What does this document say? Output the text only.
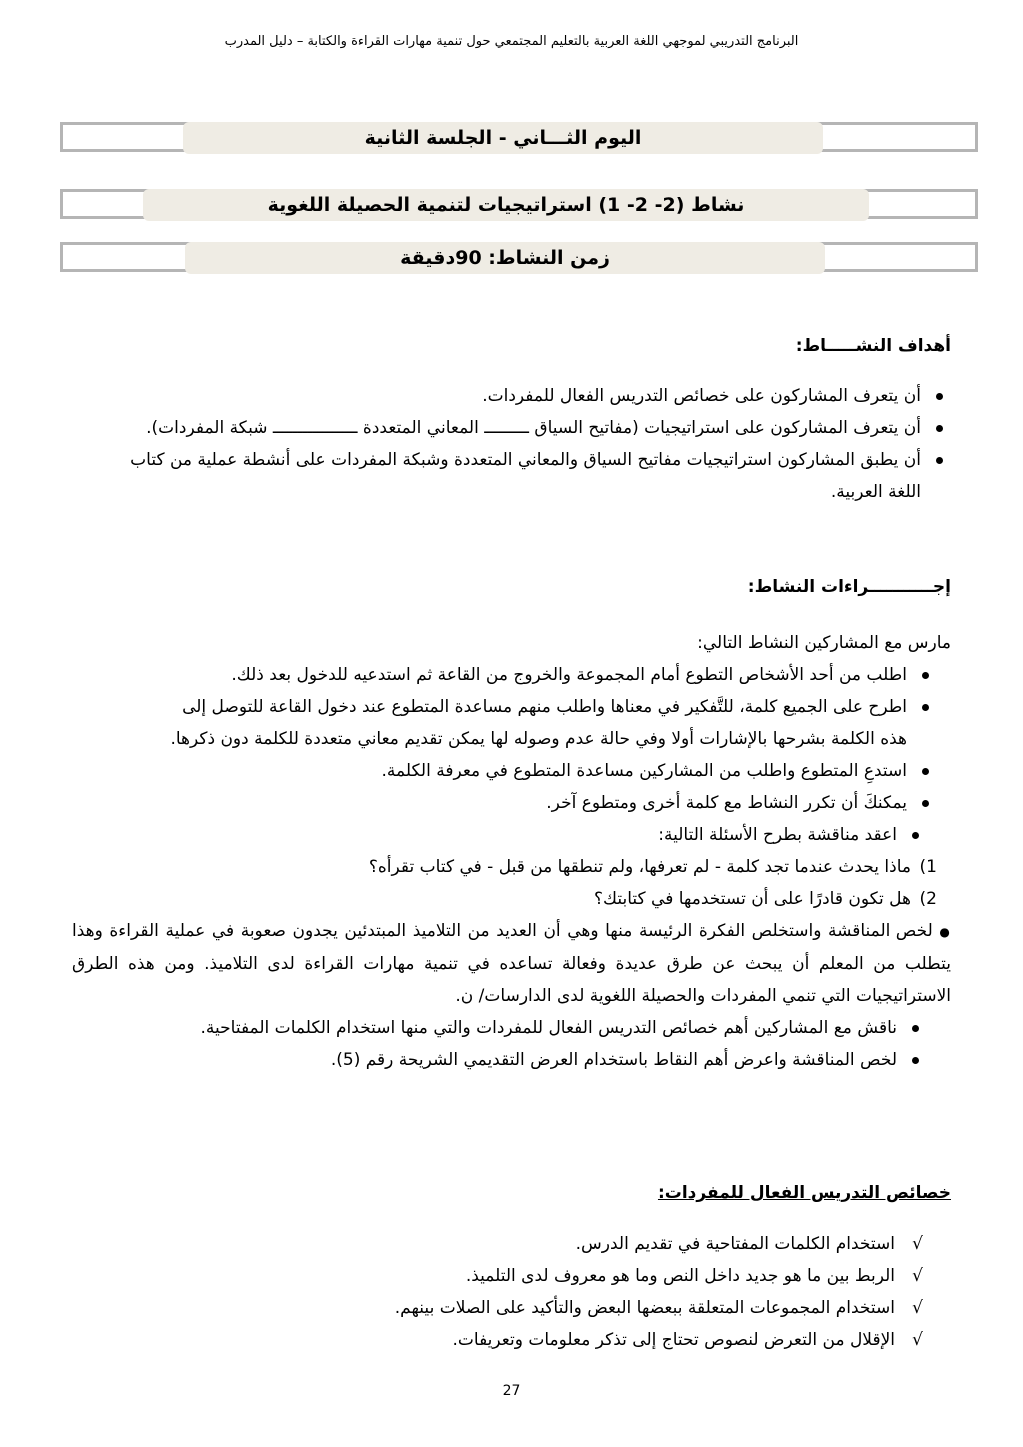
البرنامج التدريبي لموجهي اللغة العربية بالتعليم المجتمعي حول تنمية مهارات القراءة والكتابة – دليل المدرب
اليوم الثـــاني - الجلسة الثانية
نشاط (2- 2- 1) استراتيجيات لتنمية الحصيلة اللغوية
زمن النشاط: 90دقيقة
أهداف النشـــــاط:
أن يتعرف المشاركون على خصائص التدريس الفعال للمفردات.
أن يتعرف المشاركون على استراتيجيات (مفاتيح السياق ـــــــــ المعاني المتعددة ـــــــــــــــــ شبكة المفردات).
أن يطبق المشاركون استراتيجيات مفاتيح السياق والمعاني المتعددة وشبكة المفردات على أنشطة عملية من كتاب اللغة العربية.
إجـــــــــــراءات النشاط:

مارس مع المشاركين النشاط التالي:

اطلب من أحد الأشخاص التطوع أمام المجموعة والخروج من القاعة ثم استدعيه للدخول بعد ذلك.
اطرح على الجميع كلمة، للتَّفكير في معناها واطلب منهم مساعدة المتطوع عند دخول القاعة للتوصل إلى هذه الكلمة بشرحها بالإشارات أولا وفي حالة عدم وصوله لها يمكن تقديم معاني متعددة للكلمة دون ذكرها.
استدعِ المتطوع واطلب من المشاركين مساعدة المتطوع في معرفة الكلمة.
يمكنكَ أن تكرر النشاط مع كلمة أخرى ومتطوع آخر.
اعقد مناقشة بطرح الأسئلة التالية:
1)
ماذا يحدث عندما تجد كلمة - لم تعرفها، ولم تنطقها من قبل - في كتاب تقرأه؟
2)
هل تكون قادرًا على أن تستخدمها في كتابتك؟

● لخص المناقشة واستخلص الفكرة الرئيسة منها وهي أن العديد من التلاميذ المبتدئين يجدون صعوبة في عملية القراءة وهذا يتطلب من المعلم أن يبحث عن طرق عديدة وفعالة تساعده في تنمية مهارات القراءة لدى التلاميذ. ومن هذه الطرق الاستراتيجيات التي تنمي المفردات والحصيلة اللغوية لدى الدارسات/ ن.

ناقش مع المشاركين أهم خصائص التدريس الفعال للمفردات والتي منها استخدام الكلمات المفتاحية.
لخص المناقشة واعرض أهم النقاط باستخدام العرض التقديمي الشريحة رقم (5).
خصائص التدريس الفعال للمفردات:
√
استخدام الكلمات المفتاحية في تقديم الدرس.
√
الربط بين ما هو جديد داخل النص وما هو معروف لدى التلميذ.
√
استخدام المجموعات المتعلقة ببعضها البعض والتأكيد على الصلات بينهم.
√
الإقلال من التعرض لنصوص تحتاج إلى تذكر معلومات وتعريفات.
27
